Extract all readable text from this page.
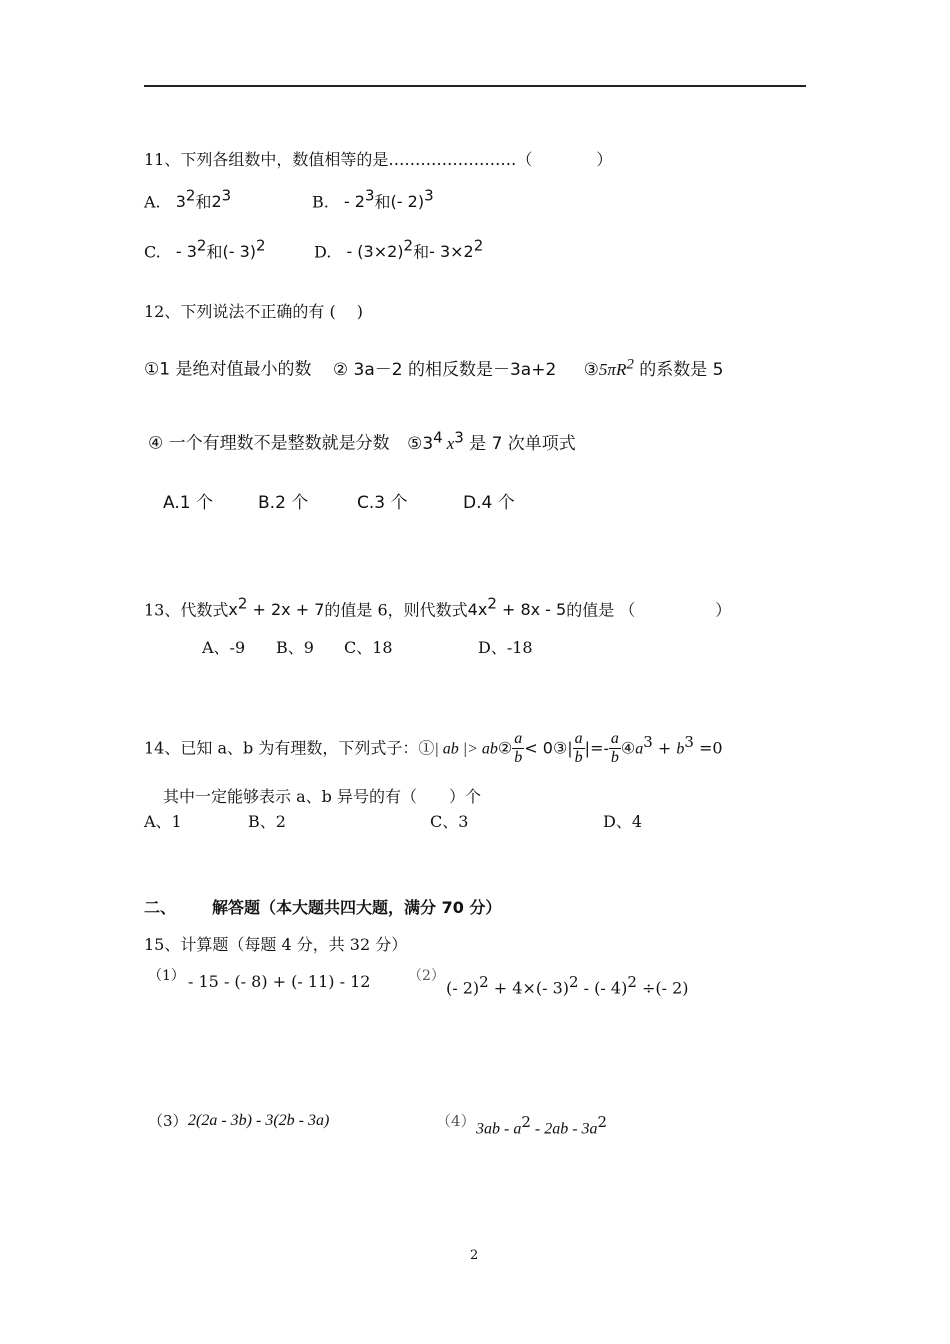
11、下列各组数中，数值相等的是……………………（　　　　）
A. $3^2$和$2^3$	B. - $2^3$和(- 2)$^3$
C. - $3^2$和(- 3)$^2$	D. - $(3\times 2)^2$和- $3\times 2^2$
12、下列说法不正确的有 (　 )
①1 是绝对值最小的数 ② 3a－2 的相反数是－3a+2 $③5\pi R^2$ 的系数是 5
④ 一个有理数不是整数就是分数 $⑤3^4$ $x^3$ 是 7 次单项式
A.1 个	B.2 个	C.3 个	D.4 个
13、代数式$x^2 + 2x + 7$的值是 6，则代数式$4x^2 + 8x - 5$的值是 （　　　　　）
A、-9 B、9 C、18	D、-18
14、已知 a、b 为有理数，下列式子：①| ab |> ab② $\frac{a}{b}$ < 0③| $\frac{a}{b}$ |=- $\frac{a}{b}$ $④a^3 + b^3 =0$
其中一定能够表示 a、b 异号的有（　　）个
A、1	B、2	C、3	D、4
二、 解答题（本大题共四大题，满分 70 分）
15、计算题（每题 4 分，共 32 分）
（1） - 15 - (- 8) + (- 11) - 12	（2）
(- 2)$^2$ + 4×(- 3)$^2$ - (- 4)$^2$ ÷(- 2)
（3） 2(2a - 3b) - 3(2b - 3a)	（4） $3ab - a^2 - 2ab - 3a^2$
2
